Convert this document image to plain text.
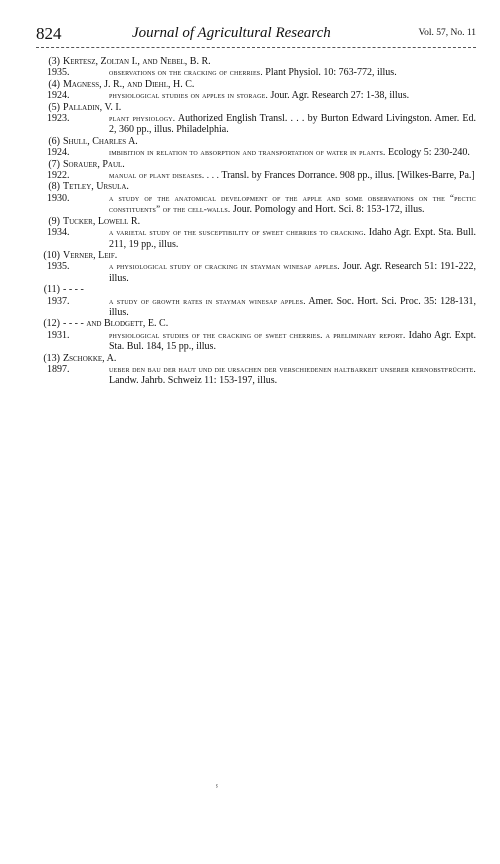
824	Journal of Agricultural Research	Vol. 57, No. 11
(3) Kertesz, Zoltan I., and Nebel, B. R.
1935.	observations on the cracking of cherries. Plant Physiol. 10: 763-772, illus.
(4) Magness, J. R., and Diehl, H. C.
1924.	physiological studies on apples in storage. Jour. Agr. Research 27: 1-38, illus.
(5) Palladin, V. I.
1923.	plant physiology. Authorized English Transl. . . . by Burton Edward Livingston. Amer. Ed. 2, 360 pp., illus. Philadelphia.
(6) Shull, Charles A.
1924.	imbibition in relation to absorption and transportation of water in plants. Ecology 5: 230-240.
(7) Sorauer, Paul.
1922.	manual of plant diseases. . . . Transl. by Frances Dorrance. 908 pp., illus. [Wilkes-Barre, Pa.]
(8) Tetley, Ursula.
1930.	a study of the anatomical development of the apple and some observations on the “pectic constituents” of the cell-walls. Jour. Pomology and Hort. Sci. 8: 153-172, illus.
(9) Tucker, Lowell R.
1934.	a varietal study of the susceptibility of sweet cherries to cracking. Idaho Agr. Expt. Sta. Bull. 211, 19 pp., illus.
(10) Verner, Leif.
1935.	a physiological study of cracking in stayman winesap apples. Jour. Agr. Research 51: 191-222, illus.
(11) - - - -
1937.	a study of growth rates in stayman winesap apples. Amer. Soc. Hort. Sci. Proc. 35: 128-131, illus.
(12) - - - - and Blodgett, E. C.
1931.	physiological studies of the cracking of sweet cherries. a preliminary report. Idaho Agr. Expt. Sta. Bul. 184, 15 pp., illus.
(13) Zschokke, A.
1897.	ueber den bau der haut und die ursachen der verschiedenen haltbarkeit unserer kernobstfrüchte. Landw. Jahrb. Schweiz 11: 153-197, illus.
ⸯ
